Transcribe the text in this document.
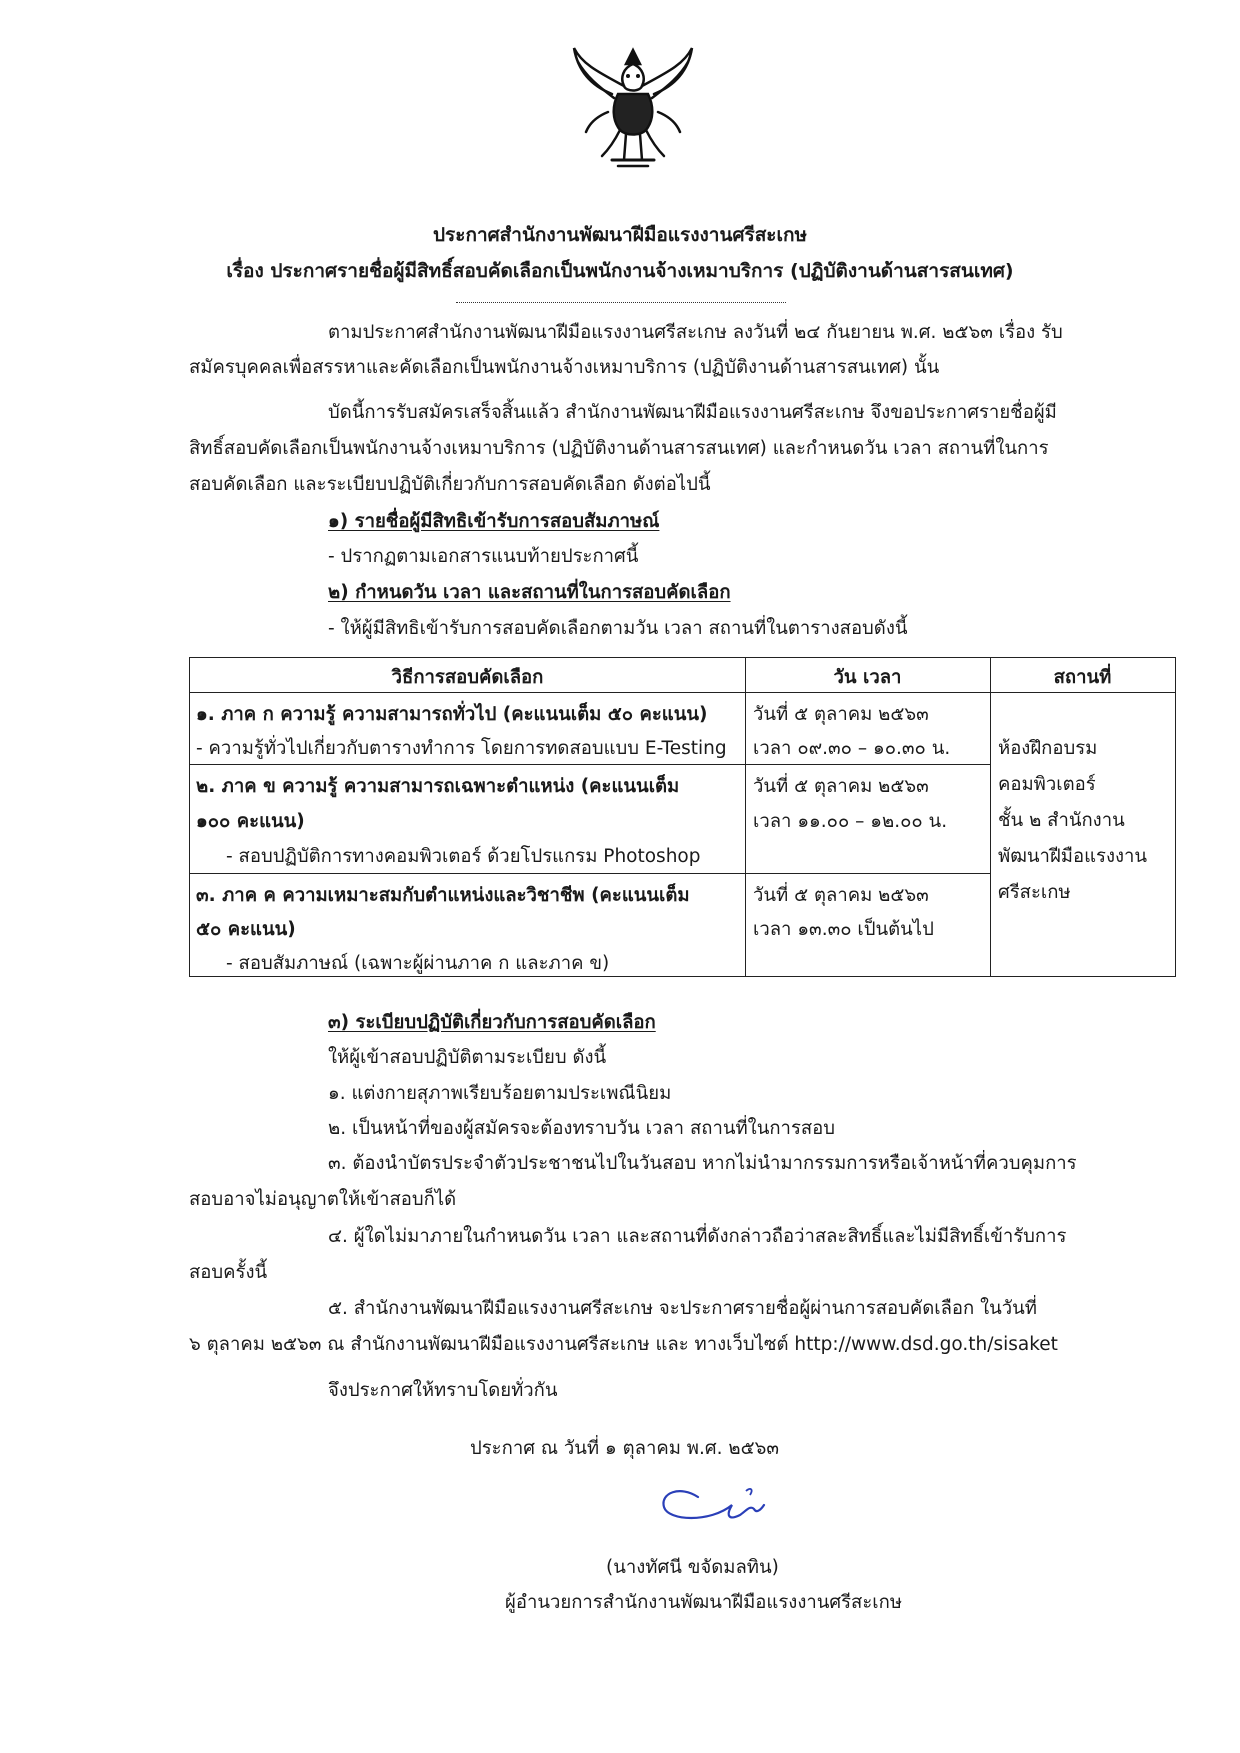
ประกาศสำนักงานพัฒนาฝีมือแรงงานศรีสะเกษ
เรื่อง ประกาศรายชื่อผู้มีสิทธิ์สอบคัดเลือกเป็นพนักงานจ้างเหมาบริการ (ปฏิบัติงานด้านสารสนเทศ)
ตามประกาศสำนักงานพัฒนาฝีมือแรงงานศรีสะเกษ ลงวันที่ ๒๔ กันยายน พ.ศ. ๒๕๖๓ เรื่อง รับ
สมัครบุคคลเพื่อสรรหาและคัดเลือกเป็นพนักงานจ้างเหมาบริการ (ปฏิบัติงานด้านสารสนเทศ) นั้น
บัดนี้การรับสมัครเสร็จสิ้นแล้ว สำนักงานพัฒนาฝีมือแรงงานศรีสะเกษ จึงขอประกาศรายชื่อผู้มี
สิทธิ์สอบคัดเลือกเป็นพนักงานจ้างเหมาบริการ (ปฏิบัติงานด้านสารสนเทศ) และกำหนดวัน เวลา สถานที่ในการ
สอบคัดเลือก และระเบียบปฏิบัติเกี่ยวกับการสอบคัดเลือก ดังต่อไปนี้
๑) รายชื่อผู้มีสิทธิเข้ารับการสอบสัมภาษณ์
- ปรากฏตามเอกสารแนบท้ายประกาศนี้
๒) กำหนดวัน เวลา และสถานที่ในการสอบคัดเลือก
- ให้ผู้มีสิทธิเข้ารับการสอบคัดเลือกตามวัน เวลา สถานที่ในตารางสอบดังนี้
วิธีการสอบคัดเลือก	วัน เวลา	สถานที่
๑. ภาค ก ความรู้ ความสามารถทั่วไป (คะแนนเต็ม ๕๐ คะแนน)
- ความรู้ทั่วไปเกี่ยวกับตารางทำการ โดยการทดสอบแบบ E-Testing
วันที่ ๕ ตุลาคม ๒๕๖๓
เวลา ๐๙.๓๐ – ๑๐.๓๐ น.
๒. ภาค ข ความรู้ ความสามารถเฉพาะตำแหน่ง (คะแนนเต็ม
๑๐๐ คะแนน)
- สอบปฏิบัติการทางคอมพิวเตอร์ ด้วยโปรแกรม Photoshop
วันที่ ๕ ตุลาคม ๒๕๖๓
เวลา ๑๑.๐๐ – ๑๒.๐๐ น.
๓. ภาค ค ความเหมาะสมกับตำแหน่งและวิชาชีพ (คะแนนเต็ม
๕๐ คะแนน)
- สอบสัมภาษณ์ (เฉพาะผู้ผ่านภาค ก และภาค ข)
วันที่ ๕ ตุลาคม ๒๕๖๓
เวลา ๑๓.๓๐ เป็นต้นไป
ห้องฝึกอบรม
คอมพิวเตอร์
ชั้น ๒ สำนักงาน
พัฒนาฝีมือแรงงาน
ศรีสะเกษ
๓) ระเบียบปฏิบัติเกี่ยวกับการสอบคัดเลือก
ให้ผู้เข้าสอบปฏิบัติตามระเบียบ ดังนี้
๑. แต่งกายสุภาพเรียบร้อยตามประเพณีนิยม
๒. เป็นหน้าที่ของผู้สมัครจะต้องทราบวัน เวลา สถานที่ในการสอบ
๓. ต้องนำบัตรประจำตัวประชาชนไปในวันสอบ หากไม่นำมากรรมการหรือเจ้าหน้าที่ควบคุมการ
สอบอาจไม่อนุญาตให้เข้าสอบก็ได้
๔. ผู้ใดไม่มาภายในกำหนดวัน เวลา และสถานที่ดังกล่าวถือว่าสละสิทธิ์และไม่มีสิทธิ์เข้ารับการ
สอบครั้งนี้
๕. สำนักงานพัฒนาฝีมือแรงงานศรีสะเกษ จะประกาศรายชื่อผู้ผ่านการสอบคัดเลือก ในวันที่
๖ ตุลาคม ๒๕๖๓ ณ สำนักงานพัฒนาฝีมือแรงงานศรีสะเกษ และ ทางเว็บไซต์ http://www.dsd.go.th/sisaket
จึงประกาศให้ทราบโดยทั่วกัน
ประกาศ ณ วันที่ ๑ ตุลาคม พ.ศ. ๒๕๖๓
(นางทัศนี ขจัดมลทิน)
ผู้อำนวยการสำนักงานพัฒนาฝีมือแรงงานศรีสะเกษ
